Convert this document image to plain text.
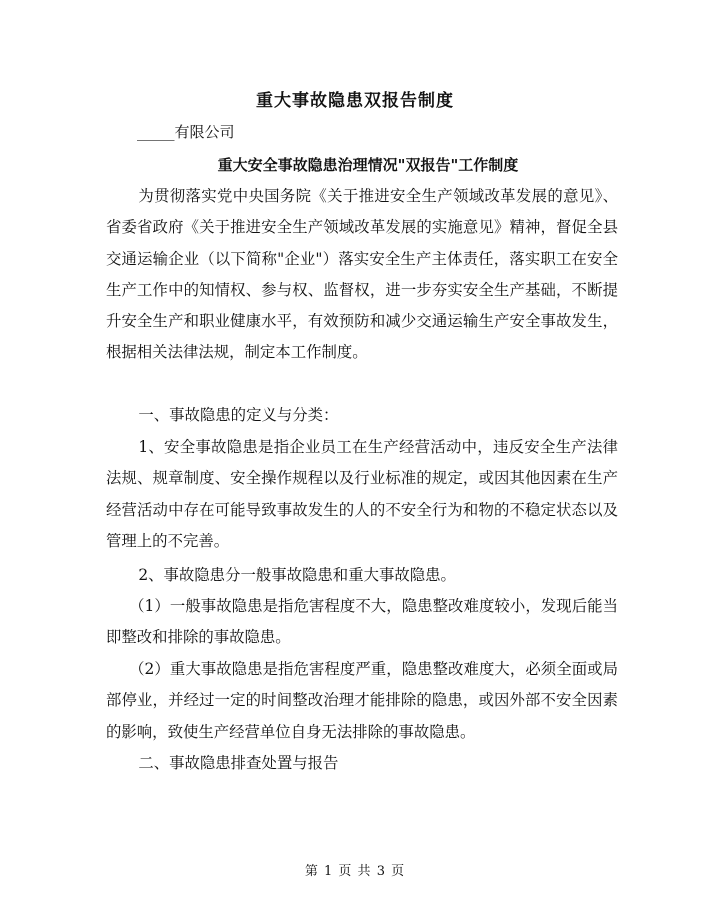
重大事故隐患双报告制度
_____有限公司
重大安全事故隐患治理情况"双报告"工作制度

为贯彻落实党中央国务院《关于推进安全生产领域改革发展的意见》、省委省政府《关于推进安全生产领域改革发展的实施意见》精神，督促全县交通运输企业（以下简称"企业"）落实安全生产主体责任，落实职工在安全生产工作中的知情权、参与权、监督权，进一步夯实安全生产基础，不断提升安全生产和职业健康水平，有效预防和减少交通运输生产安全事故发生，根据相关法律法规，制定本工作制度。

一、事故隐患的定义与分类：

1、安全事故隐患是指企业员工在生产经营活动中，违反安全生产法律法规、规章制度、安全操作规程以及行业标准的规定，或因其他因素在生产经营活动中存在可能导致事故发生的人的不安全行为和物的不稳定状态以及管理上的不完善。

2、事故隐患分一般事故隐患和重大事故隐患。

（1）一般事故隐患是指危害程度不大，隐患整改难度较小，发现后能当即整改和排除的事故隐患。

（2）重大事故隐患是指危害程度严重，隐患整改难度大，必须全面或局部停业，并经过一定的时间整改治理才能排除的隐患，或因外部不安全因素的影响，致使生产经营单位自身无法排除的事故隐患。

二、事故隐患排查处置与报告

第 1 页 共 3 页
